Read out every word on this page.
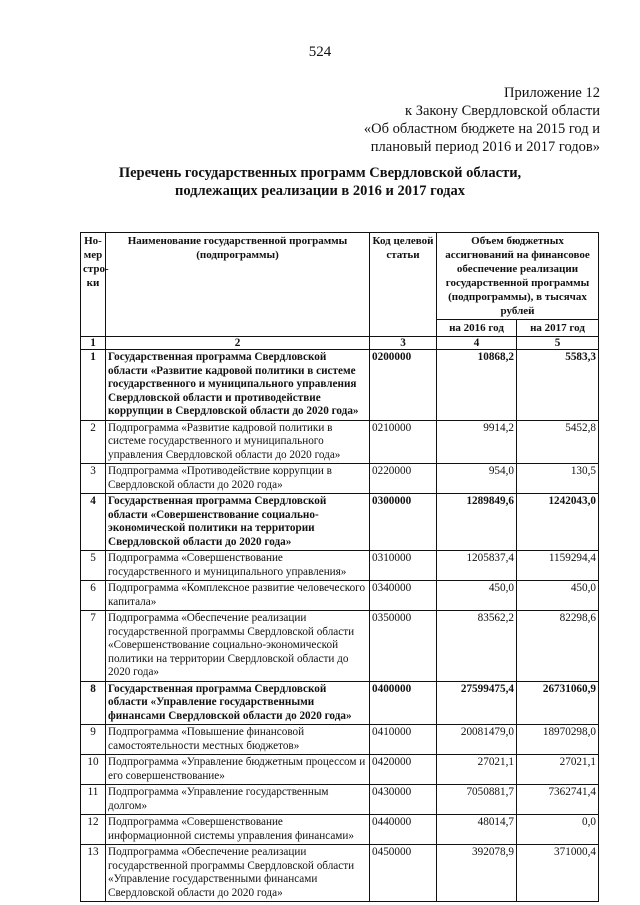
524
Приложение 12
к Закону Свердловской области
«Об областном бюджете на 2015 год и
плановый период 2016 и 2017 годов»
Перечень государственных программ Свердловской области,
подлежащих реализации в 2016 и 2017 годах
Но-мер стро-ки	Наименование государственной программы (подпрограммы)	Код целевой статьи	Объем бюджетных ассигнований на финансовое обеспечение реализации государственной программы (подпрограммы), в тысячах рублей	
			на 2016 год	на 2017 год
1	2	3	4	5
1	Государственная программа Свердловской области «Развитие кадровой политики в системе государственного и муниципального управления Свердловской области и противодействие коррупции в Свердловской области до 2020 года»	0200000	10868,2	5583,3
2	Подпрограмма «Развитие кадровой политики в системе государственного и муниципального управления Свердловской области до 2020 года»	0210000	9914,2	5452,8
3	Подпрограмма «Противодействие коррупции в Свердловской области до 2020 года»	0220000	954,0	130,5
4	Государственная программа Свердловской области «Совершенствование социально-экономической политики на территории Свердловской области до 2020 года»	0300000	1289849,6	1242043,0
5	Подпрограмма «Совершенствование государственного и муниципального управления»	0310000	1205837,4	1159294,4
6	Подпрограмма «Комплексное развитие человеческого капитала»	0340000	450,0	450,0
7	Подпрограмма «Обеспечение реализации государственной программы Свердловской области «Совершенствование социально-экономической политики на территории Свердловской области до 2020 года»	0350000	83562,2	82298,6
8	Государственная программа Свердловской области «Управление государственными финансами Свердловской области до 2020 года»	0400000	27599475,4	26731060,9
9	Подпрограмма «Повышение финансовой самостоятельности местных бюджетов»	0410000	20081479,0	18970298,0
10	Подпрограмма «Управление бюджетным процессом и его совершенствование»	0420000	27021,1	27021,1
11	Подпрограмма «Управление государственным долгом»	0430000	7050881,7	7362741,4
12	Подпрограмма «Совершенствование информационной системы управления финансами»	0440000	48014,7	0,0
13	Подпрограмма «Обеспечение реализации государственной программы Свердловской области «Управление государственными финансами Свердловской области до 2020 года»	0450000	392078,9	371000,4
